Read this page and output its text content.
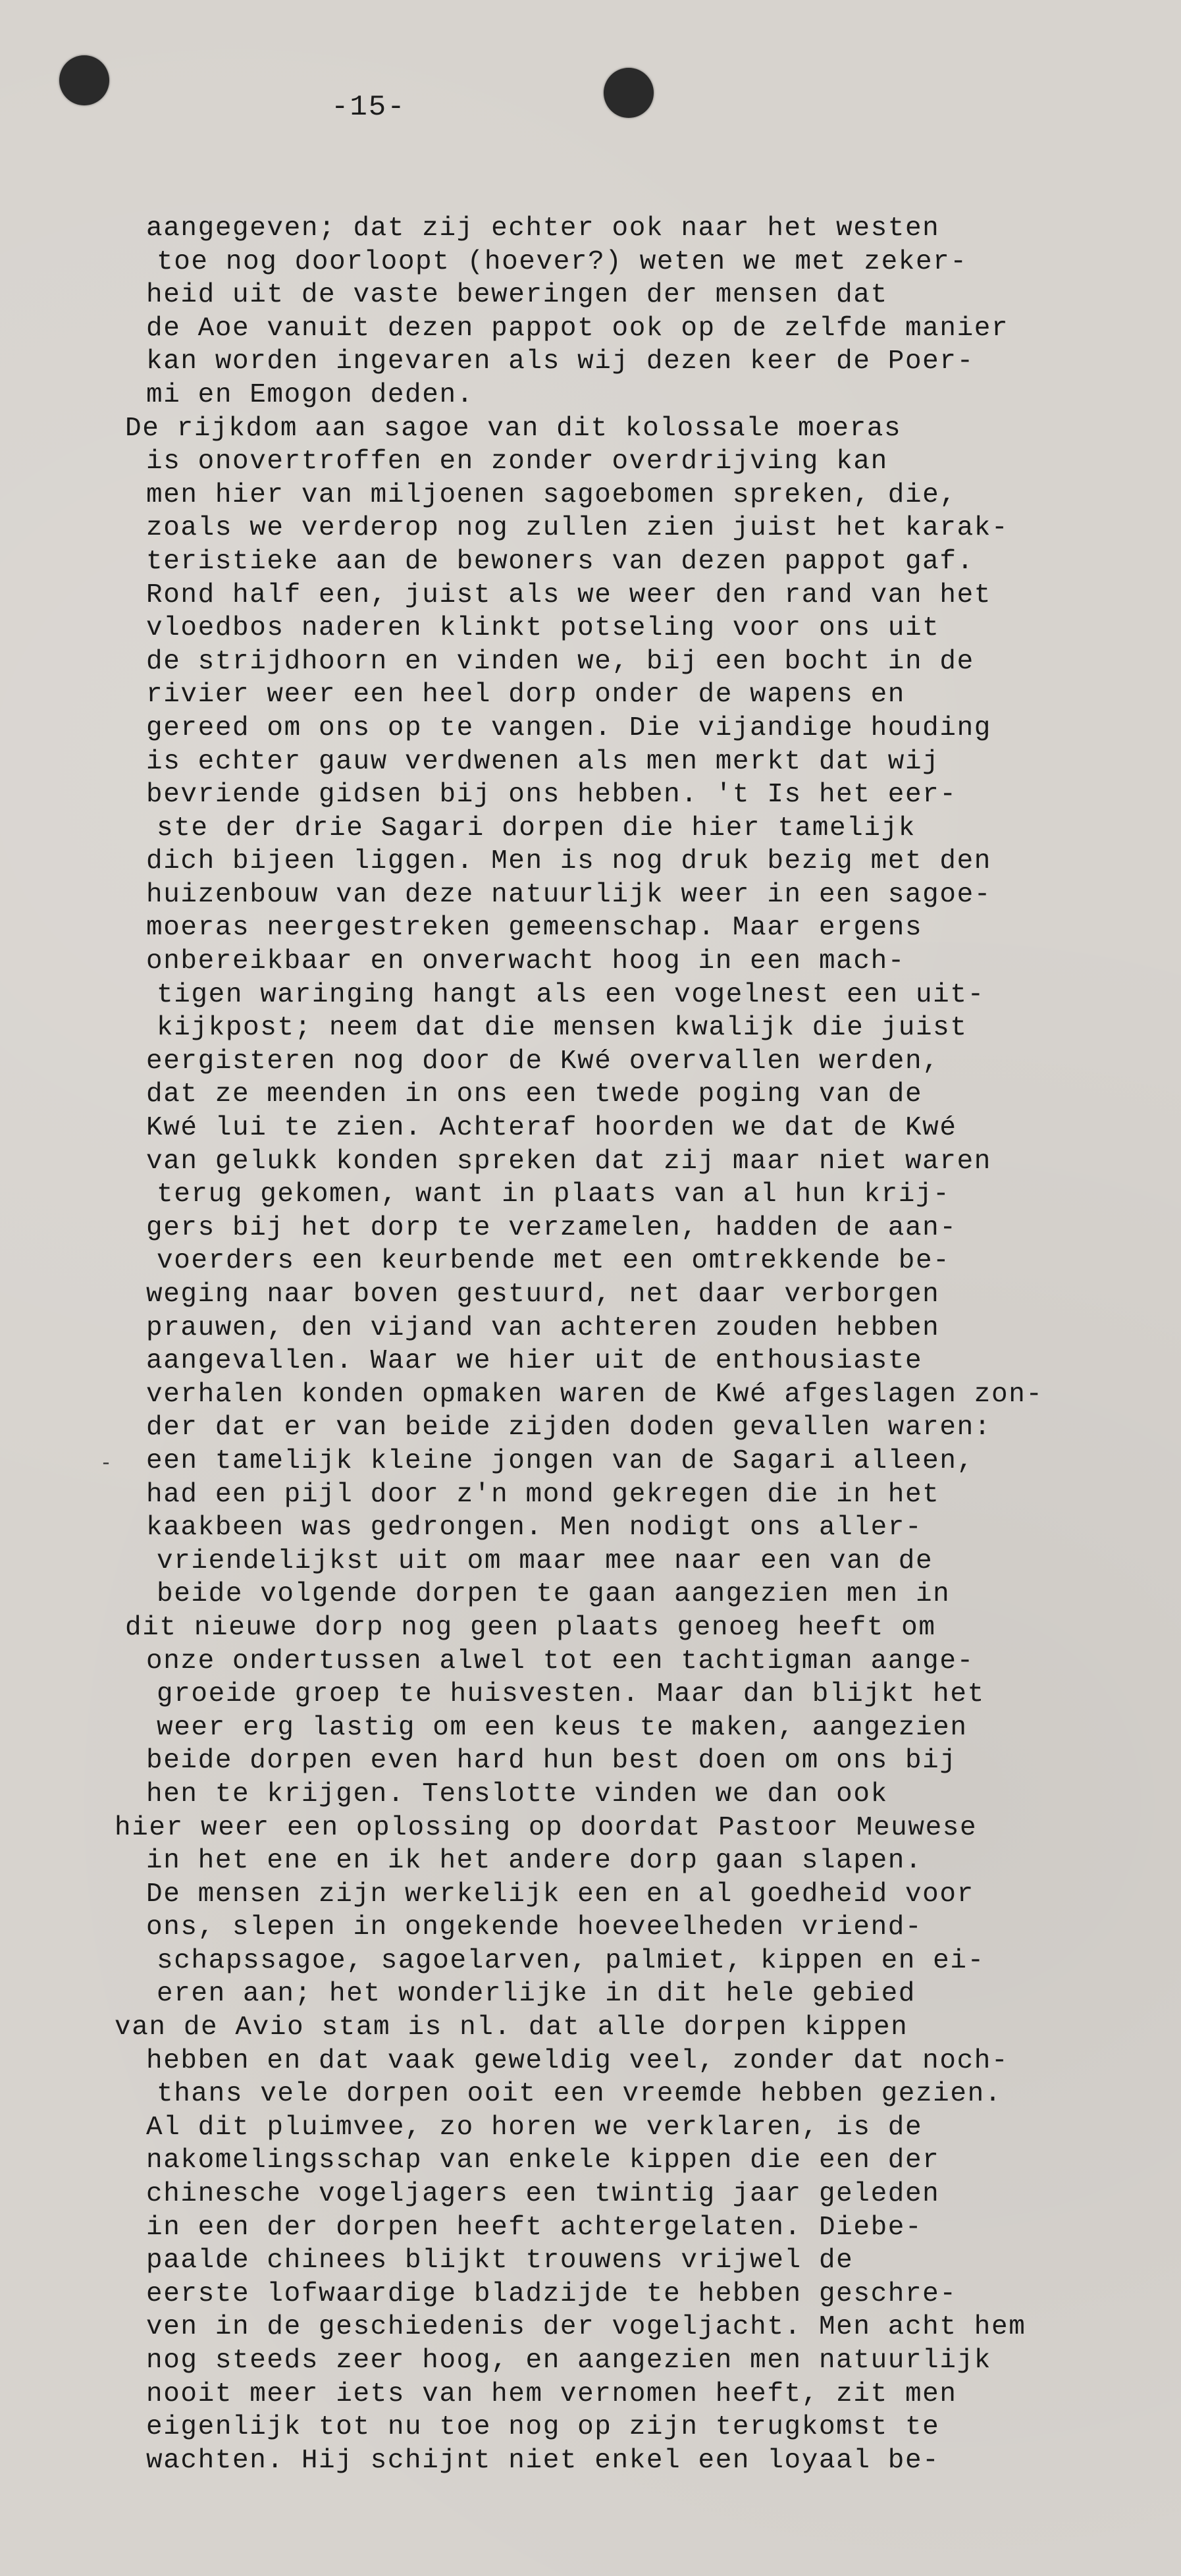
-15-
-
aangegeven; dat zij echter ook naar het westen
toe nog doorloopt (hoever?) weten we met zeker-
heid uit de vaste beweringen der mensen dat
de Aoe vanuit dezen pappot ook op de zelfde manier
kan worden ingevaren als wij dezen keer de Poer-
mi en Emogon deden.
De rijkdom aan sagoe van dit kolossale moeras
is onovertroffen en zonder overdrijving kan
men hier van miljoenen sagoebomen spreken, die,
zoals we verderop nog zullen zien juist het karak-
teristieke aan de bewoners van dezen pappot gaf.
Rond half een, juist als we weer den rand van het
vloedbos naderen klinkt potseling voor ons uit
de strijdhoorn en vinden we, bij een bocht in de
rivier weer een heel dorp onder de wapens en
gereed om ons op te vangen. Die vijandige houding
is echter gauw verdwenen als men merkt dat wij
bevriende gidsen bij ons hebben. 't Is het eer-
ste der drie Sagari dorpen die hier tamelijk
dich bijeen liggen. Men is nog druk bezig met den
huizenbouw van deze natuurlijk weer in een sagoe-
moeras neergestreken gemeenschap. Maar ergens
onbereikbaar en onverwacht hoog in een mach-
tigen waringing hangt als een vogelnest een uit-
kijkpost; neem dat die mensen kwalijk die juist
eergisteren nog door de Kwé overvallen werden,
dat ze meenden in ons een twede poging van de
Kwé lui te zien. Achteraf hoorden we dat de Kwé
van gelukk konden spreken dat zij maar niet waren
terug gekomen, want in plaats van al hun krij-
gers bij het dorp te verzamelen, hadden de aan-
voerders een keurbende met een omtrekkende be-
weging naar boven gestuurd, net daar verborgen
prauwen, den vijand van achteren zouden hebben
aangevallen. Waar we hier uit de enthousiaste
verhalen konden opmaken waren de Kwé afgeslagen zon-
der dat er van beide zijden doden gevallen waren:
een tamelijk kleine jongen van de Sagari alleen,
had een pijl door z'n mond gekregen die in het
kaakbeen was gedrongen. Men nodigt ons aller-
vriendelijkst uit om maar mee naar een van de
beide volgende dorpen te gaan aangezien men in
dit nieuwe dorp nog geen plaats genoeg heeft om
onze ondertussen alwel tot een tachtigman aange-
groeide groep te huisvesten. Maar dan blijkt het
weer erg lastig om een keus te maken, aangezien
beide dorpen even hard hun best doen om ons bij
hen te krijgen. Tenslotte vinden we dan ook
hier weer een oplossing op doordat Pastoor Meuwese
in het ene en ik het andere dorp gaan slapen.
De mensen zijn werkelijk een en al goedheid voor
ons, slepen in ongekende hoeveelheden vriend-
schapssagoe, sagoelarven, palmiet, kippen en ei-
eren aan; het wonderlijke in dit hele gebied
van de Avio stam is nl. dat alle dorpen kippen
hebben en dat vaak geweldig veel, zonder dat noch-
thans vele dorpen ooit een vreemde hebben gezien.
Al dit pluimvee, zo horen we verklaren, is de
nakomelingsschap van enkele kippen die een der
chinesche vogeljagers een twintig jaar geleden
in een der dorpen heeft achtergelaten. Diebe-
paalde chinees blijkt trouwens vrijwel de
eerste lofwaardige bladzijde te hebben geschre-
ven in de geschiedenis der vogeljacht. Men acht hem
nog steeds zeer hoog, en aangezien men natuurlijk
nooit meer iets van hem vernomen heeft, zit men
eigenlijk tot nu toe nog op zijn terugkomst te
wachten. Hij schijnt niet enkel een loyaal be-
